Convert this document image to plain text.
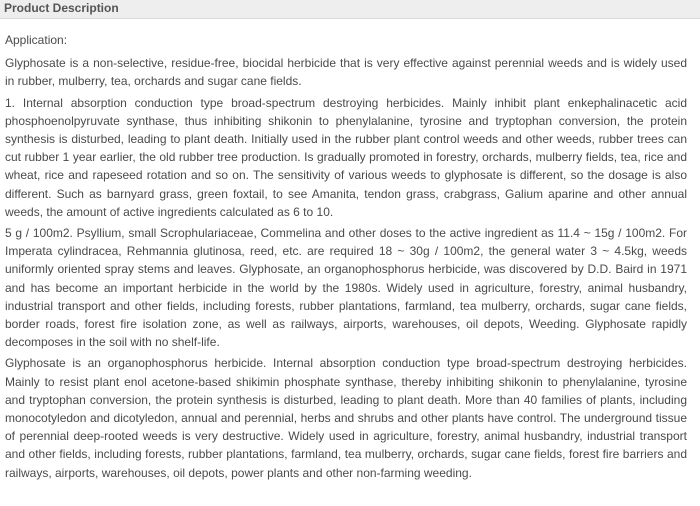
Product Description

Application:

Glyphosate is a non-selective, residue-free, biocidal herbicide that is very effective against perennial weeds and is widely used in rubber, mulberry, tea, orchards and sugar cane fields.

1. Internal absorption conduction type broad-spectrum destroying herbicides. Mainly inhibit plant enkephalinacetic acid phosphoenolpyruvate synthase, thus inhibiting shikonin to phenylalanine, tyrosine and tryptophan conversion, the protein synthesis is disturbed, leading to plant death. Initially used in the rubber plant control weeds and other weeds, rubber trees can cut rubber 1 year earlier, the old rubber tree production. Is gradually promoted in forestry, orchards, mulberry fields, tea, rice and wheat, rice and rapeseed rotation and so on. The sensitivity of various weeds to glyphosate is different, so the dosage is also different. Such as barnyard grass, green foxtail, to see Amanita, tendon grass, crabgrass, Galium aparine and other annual weeds, the amount of active ingredients calculated as 6 to 10.

5 g / 100m2. Psyllium, small Scrophulariaceae, Commelina and other doses to the active ingredient as 11.4 ~ 15g / 100m2. For Imperata cylindracea, Rehmannia glutinosa, reed, etc. are required 18 ~ 30g / 100m2, the general water 3 ~ 4.5kg, weeds uniformly oriented spray stems and leaves. Glyphosate, an organophosphorus herbicide, was discovered by D.D. Baird in 1971 and has become an important herbicide in the world by the 1980s. Widely used in agriculture, forestry, animal husbandry, industrial transport and other fields, including forests, rubber plantations, farmland, tea mulberry, orchards, sugar cane fields, border roads, forest fire isolation zone, as well as railways, airports, warehouses, oil depots, Weeding. Glyphosate rapidly decomposes in the soil with no shelf-life.

Glyphosate is an organophosphorus herbicide. Internal absorption conduction type broad-spectrum destroying herbicides. Mainly to resist plant enol acetone-based shikimin phosphate synthase, thereby inhibiting shikonin to phenylalanine, tyrosine and tryptophan conversion, the protein synthesis is disturbed, leading to plant death. More than 40 families of plants, including monocotyledon and dicotyledon, annual and perennial, herbs and shrubs and other plants have control. The underground tissue of perennial deep-rooted weeds is very destructive. Widely used in agriculture, forestry, animal husbandry, industrial transport and other fields, including forests, rubber plantations, farmland, tea mulberry, orchards, sugar cane fields, forest fire barriers and railways, airports, warehouses, oil depots, power plants and other non-farming weeding.
